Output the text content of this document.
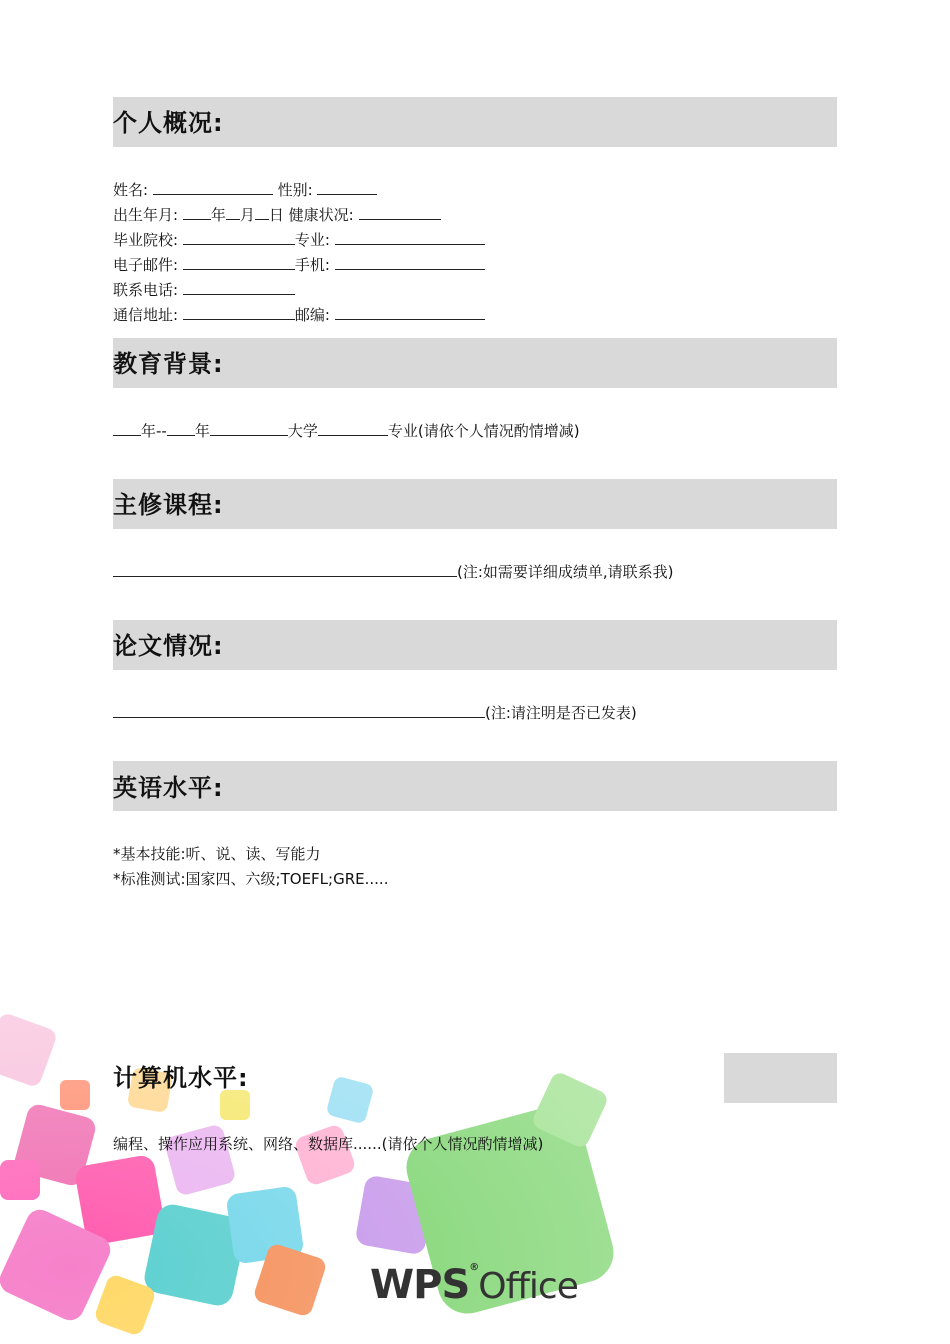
个人概况:
姓名:	性别:
出生年月: 年 月 日 健康状况:
毕业院校:	专业:
电子邮件:	手机:
联系电话:
通信地址:	邮编:
教育背景:
年-- 年	大学	专业(请依个人情况酌情增减)
主修课程:
(注:如需要详细成绩单,请联系我)
论文情况:
(注:请注明是否已发表)
英语水平:
*基本技能:听、说、读、写能力
*标准测试:国家四、六级;TOEFL;GRE.....
计算机水平:
编程、操作应用系统、网络、数据库......(请依个人情况酌情增减)
WPS®Office
